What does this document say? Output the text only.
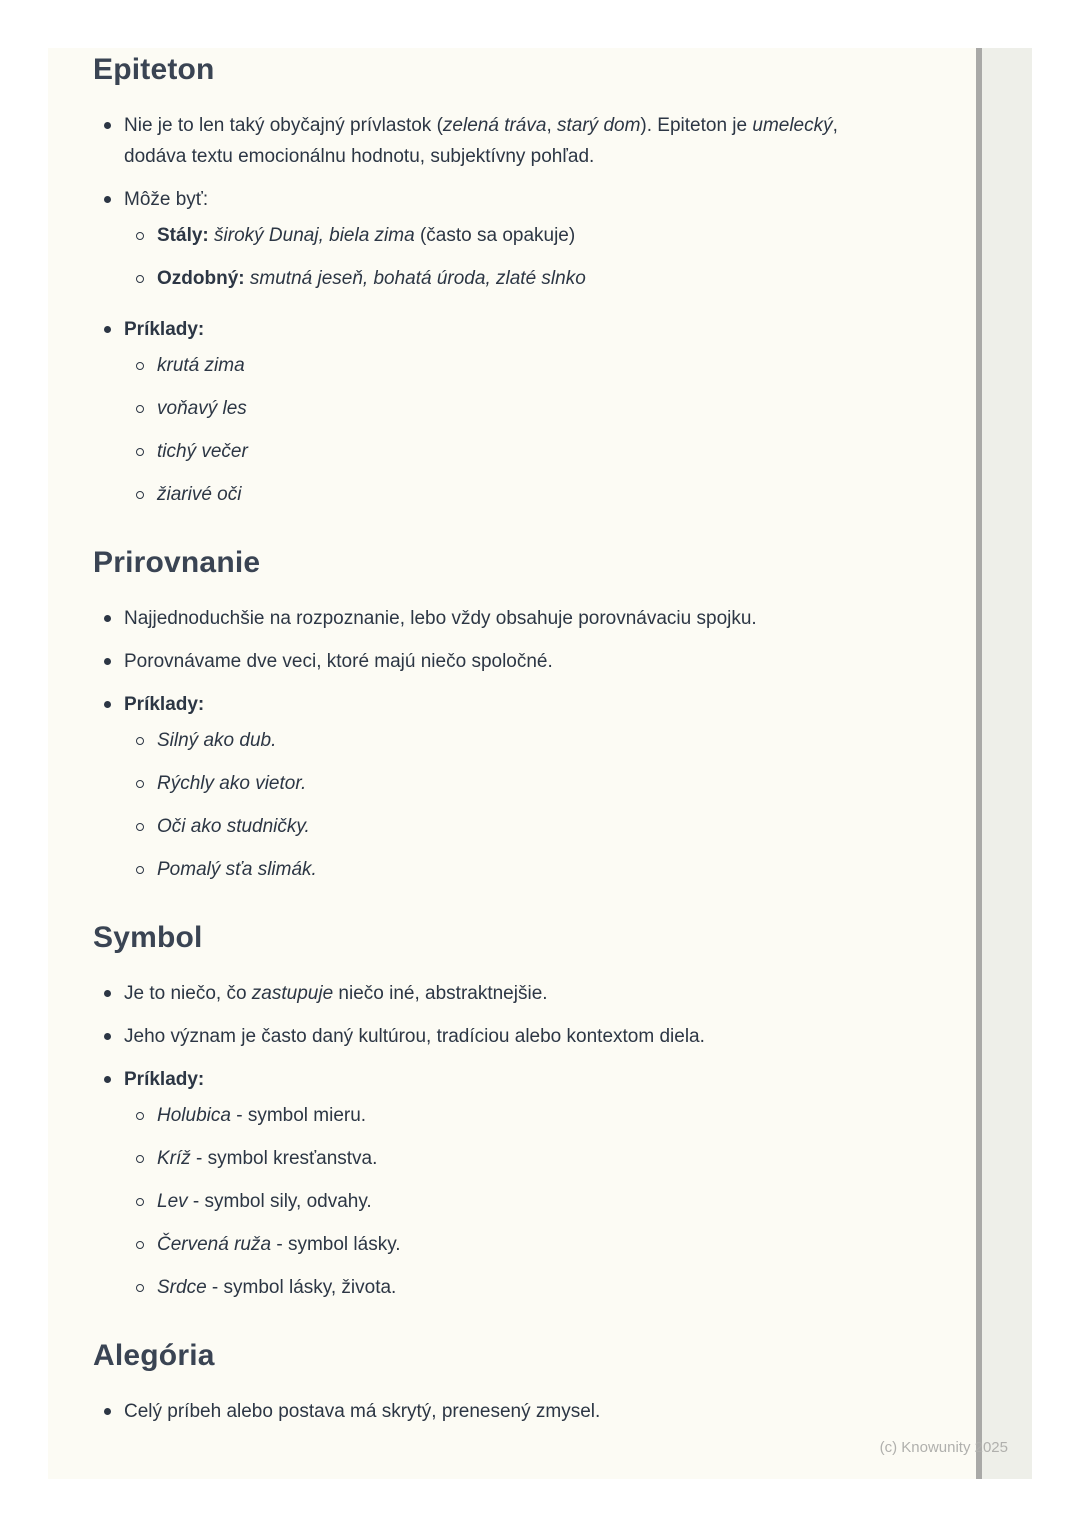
Epiteton
Nie je to len taký obyčajný prívlastok (zelená tráva, starý dom). Epiteton je umelecký, dodáva textu emocionálnu hodnotu, subjektívny pohľad.
Môže byť:
Stály: široký Dunaj, biela zima (často sa opakuje)
Ozdobný: smutná jeseň, bohatá úroda, zlaté slnko
Príklady:
krutá zima
voňavý les
tichý večer
žiarivé oči
Prirovnanie
Najjednoduchšie na rozpoznanie, lebo vždy obsahuje porovnávaciu spojku.
Porovnávame dve veci, ktoré majú niečo spoločné.
Príklady:
Silný ako dub.
Rýchly ako vietor.
Oči ako studničky.
Pomalý sťa slimák.
Symbol
Je to niečo, čo zastupuje niečo iné, abstraktnejšie.
Jeho význam je často daný kultúrou, tradíciou alebo kontextom diela.
Príklady:
Holubica - symbol mieru.
Kríž - symbol kresťanstva.
Lev - symbol sily, odvahy.
Červená ruža - symbol lásky.
Srdce - symbol lásky, života.
Alegória
Celý príbeh alebo postava má skrytý, prenesený zmysel.
(c) Knowunity 2025
